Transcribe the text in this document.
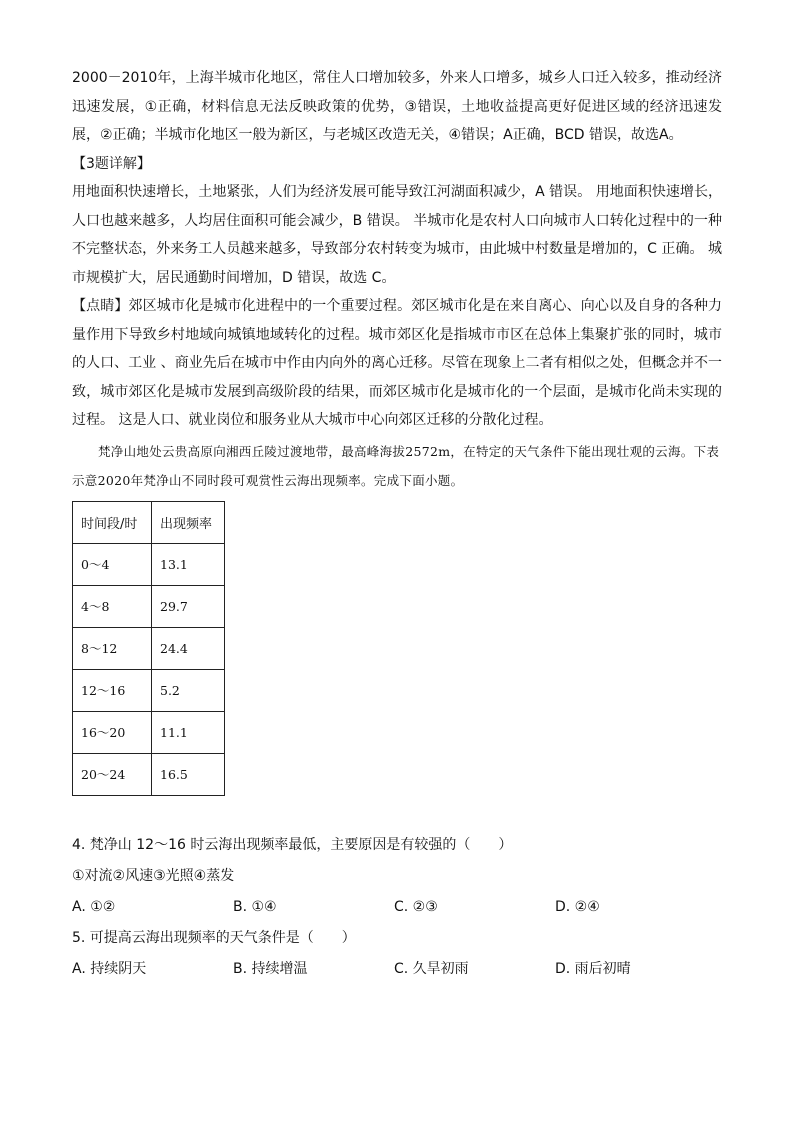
2000－2010年，上海半城市化地区，常住人口增加较多，外来人口增多，城乡人口迁入较多，推动经济迅速发展，①正确，材料信息无法反映政策的优势，③错误，土地收益提高更好促进区域的经济迅速发展，②正确；半城市化地区一般为新区，与老城区改造无关，④错误；A正确，BCD 错误，故选A。

【3题详解】

用地面积快速增长，土地紧张，人们为经济发展可能导致江河湖面积减少，A 错误。 用地面积快速增长，人口也越来越多，人均居住面积可能会减少，B 错误。 半城市化是农村人口向城市人口转化过程中的一种不完整状态，外来务工人员越来越多，导致部分农村转变为城市，由此城中村数量是增加的，C 正确。 城市规模扩大，居民通勤时间增加，D 错误，故选 C。

【点睛】郊区城市化是城市化进程中的一个重要过程。郊区城市化是在来自离心、向心以及自身的各种力量作用下导致乡村地域向城镇地域转化的过程。城市郊区化是指城市市区在总体上集聚扩张的同时，城市的人口、工业 、商业先后在城市中作由内向外的离心迁移。尽管在现象上二者有相似之处，但概念并不一致，城市郊区化是城市发展到高级阶段的结果，而郊区城市化是城市化的一个层面，是城市化尚未实现的过程。 这是人口、就业岗位和服务业从大城市中心向郊区迁移的分散化过程。

梵净山地处云贵高原向湘西丘陵过渡地带，最高峰海拔2572m，在特定的天气条件下能出现壮观的云海。下表示意2020年梵净山不同时段可观赏性云海出现频率。完成下面小题。

时间段/时	出现频率
0～4	13.1
4～8	29.7
8～12	24.4
12～16	5.2
16～20	11.1
20～24	16.5

4. 梵净山 12～16 时云海出现频率最低，主要原因是有较强的（　　）

①对流②风速③光照④蒸发

A. ①②	B. ①④	C. ②③	D. ②④

5. 可提高云海出现频率的天气条件是（　　）

A. 持续阴天	B. 持续增温	C. 久旱初雨	D. 雨后初晴
